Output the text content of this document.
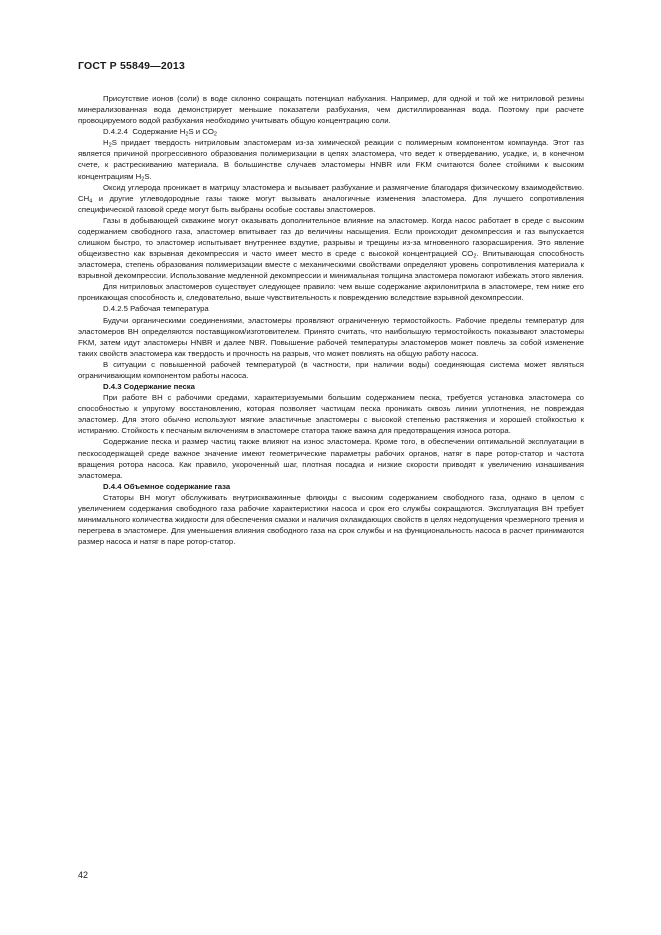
ГОСТ Р 55849—2013

Присутствие ионов (соли) в воде склонно сокращать потенциал набухания. Например, для одной и той же нитриловой резины минерализованная вода демонстрирует меньшие показатели разбухания, чем дистиллированная вода. Поэтому при расчете провоцируемого водой разбухания необходимо учитывать общую концентрацию соли.

D.4.2.4 Содержание $H_2S$ и $CO_2$

$H_2S$ придает твердость нитриловым эластомерам из-за химической реакции с полимерным компонентом компаунда. Этот газ является причиной прогрессивного образования полимеризации в цепях эластомера, что ведет к отвердеванию, усадке, и, в конечном счете, к растрескиванию материала. В большинстве случаев эластомеры HNBR или FKM считаются более стойкими к высоким концентрациям $H_2S$.

Оксид углерода проникает в матрицу эластомера и вызывает разбухание и размягчение благодаря физическому взаимодействию. $CH_4$ и другие углеводородные газы также могут вызывать аналогичные изменения эластомера. Для лучшего сопротивления специфической газовой среде могут быть выбраны особые составы эластомеров.

Газы в добывающей скважине могут оказывать дополнительное влияние на эластомер. Когда насос работает в среде с высоким содержанием свободного газа, эластомер впитывает газ до величины насыщения. Если происходит декомпрессия и газ выпускается слишком быстро, то эластомер испытывает внутреннее вздутие, разрывы и трещины из-за мгновенного газорасширения. Это явление общеизвестно как взрывная декомпрессия и часто имеет место в среде с высокой концентрацией $CO_2$. Впитывающая способность эластомера, степень образования полимеризации вместе с механическими свойствами определяют уровень сопротивления материала к взрывной декомпрессии. Использование медленной декомпрессии и минимальная толщина эластомера помогают избежать этого явления.

Для нитриловых эластомеров существует следующее правило: чем выше содержание акрилонитрила в эластомере, тем ниже его проникающая способность и, следовательно, выше чувствительность к повреждению вследствие взрывной декомпрессии.

D.4.2.5 Рабочая температура

Будучи органическими соединениями, эластомеры проявляют ограниченную термостойкость. Рабочие пределы температур для эластомеров ВН определяются поставщиком/изготовителем. Принято считать, что наибольшую термостойкость показывают эластомеры FKM, затем идут эластомеры HNBR и далее NBR. Повышение рабочей температуры эластомеров может повлечь за собой изменение таких свойств эластомера как твердость и прочность на разрыв, что может повлиять на общую работу насоса.

В ситуации с повышенной рабочей температурой (в частности, при наличии воды) соединяющая система может являться ограничивающим компонентом работы насоса.

D.4.3 Содержание песка

При работе ВН с рабочими средами, характеризуемыми большим содержанием песка, требуется установка эластомера со способностью к упругому восстановлению, которая позволяет частицам песка проникать сквозь линии уплотнения, не повреждая эластомер. Для этого обычно используют мягкие эластичные эластомеры с высокой степенью растяжения и хорошей стойкостью к истиранию. Стойкость к песчаным включениям в эластомере статора также важна для предотвращения износа ротора.

Содержание песка и размер частиц также влияют на износ эластомера. Кроме того, в обеспечении оптимальной эксплуатации в пескосодержащей среде важное значение имеют геометрические параметры рабочих органов, натяг в паре ротор-статор и частота вращения ротора насоса. Как правило, укороченный шаг, плотная посадка и низкие скорости приводят к увеличению изнашивания эластомера.

D.4.4 Объемное содержание газа

Статоры ВН могут обслуживать внутрискважинные флюиды с высоким содержанием свободного газа, однако в целом с увеличением содержания свободного газа рабочие характеристики насоса и срок его службы сокращаются. Эксплуатация ВН требует минимального количества жидкости для обеспечения смазки и наличия охлаждающих свойств в целях недопущения чрезмерного трения и перегрева в эластомере. Для уменьшения влияния свободного газа на срок службы и на функциональность насоса в расчет принимаются размер насоса и натяг в паре ротор-статор.

42
